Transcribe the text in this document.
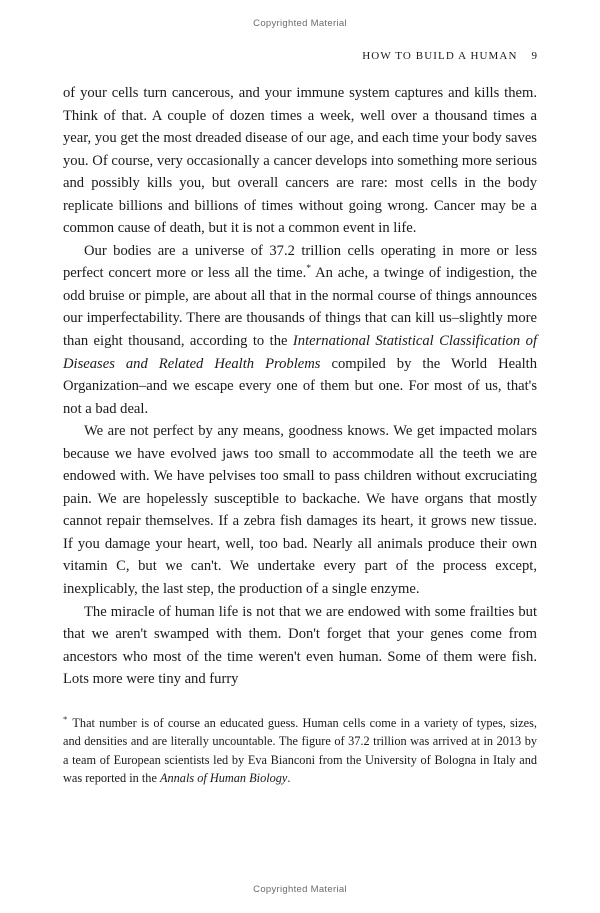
Copyrighted Material
HOW TO BUILD A HUMAN 9

of your cells turn cancerous, and your immune system captures and kills them. Think of that. A couple of dozen times a week, well over a thousand times a year, you get the most dreaded disease of our age, and each time your body saves you. Of course, very occasionally a cancer develops into something more serious and possibly kills you, but overall cancers are rare: most cells in the body replicate billions and billions of times without going wrong. Cancer may be a common cause of death, but it is not a common event in life.

Our bodies are a universe of 37.2 trillion cells operating in more or less perfect concert more or less all the time.* An ache, a twinge of indigestion, the odd bruise or pimple, are about all that in the normal course of things announces our imperfectability. There are thousands of things that can kill us–slightly more than eight thousand, according to the International Statistical Classification of Diseases and Related Health Problems compiled by the World Health Organization–and we escape every one of them but one. For most of us, that's not a bad deal.

We are not perfect by any means, goodness knows. We get impacted molars because we have evolved jaws too small to accommodate all the teeth we are endowed with. We have pelvises too small to pass children without excruciating pain. We are hopelessly susceptible to backache. We have organs that mostly cannot repair themselves. If a zebra fish damages its heart, it grows new tissue. If you damage your heart, well, too bad. Nearly all animals produce their own vitamin C, but we can't. We undertake every part of the process except, inexplicably, the last step, the production of a single enzyme.

The miracle of human life is not that we are endowed with some frailties but that we aren't swamped with them. Don't forget that your genes come from ancestors who most of the time weren't even human. Some of them were fish. Lots more were tiny and furry

* That number is of course an educated guess. Human cells come in a variety of types, sizes, and densities and are literally uncountable. The figure of 37.2 trillion was arrived at in 2013 by a team of European scientists led by Eva Bianconi from the University of Bologna in Italy and was reported in the Annals of Human Biology.

Copyrighted Material
